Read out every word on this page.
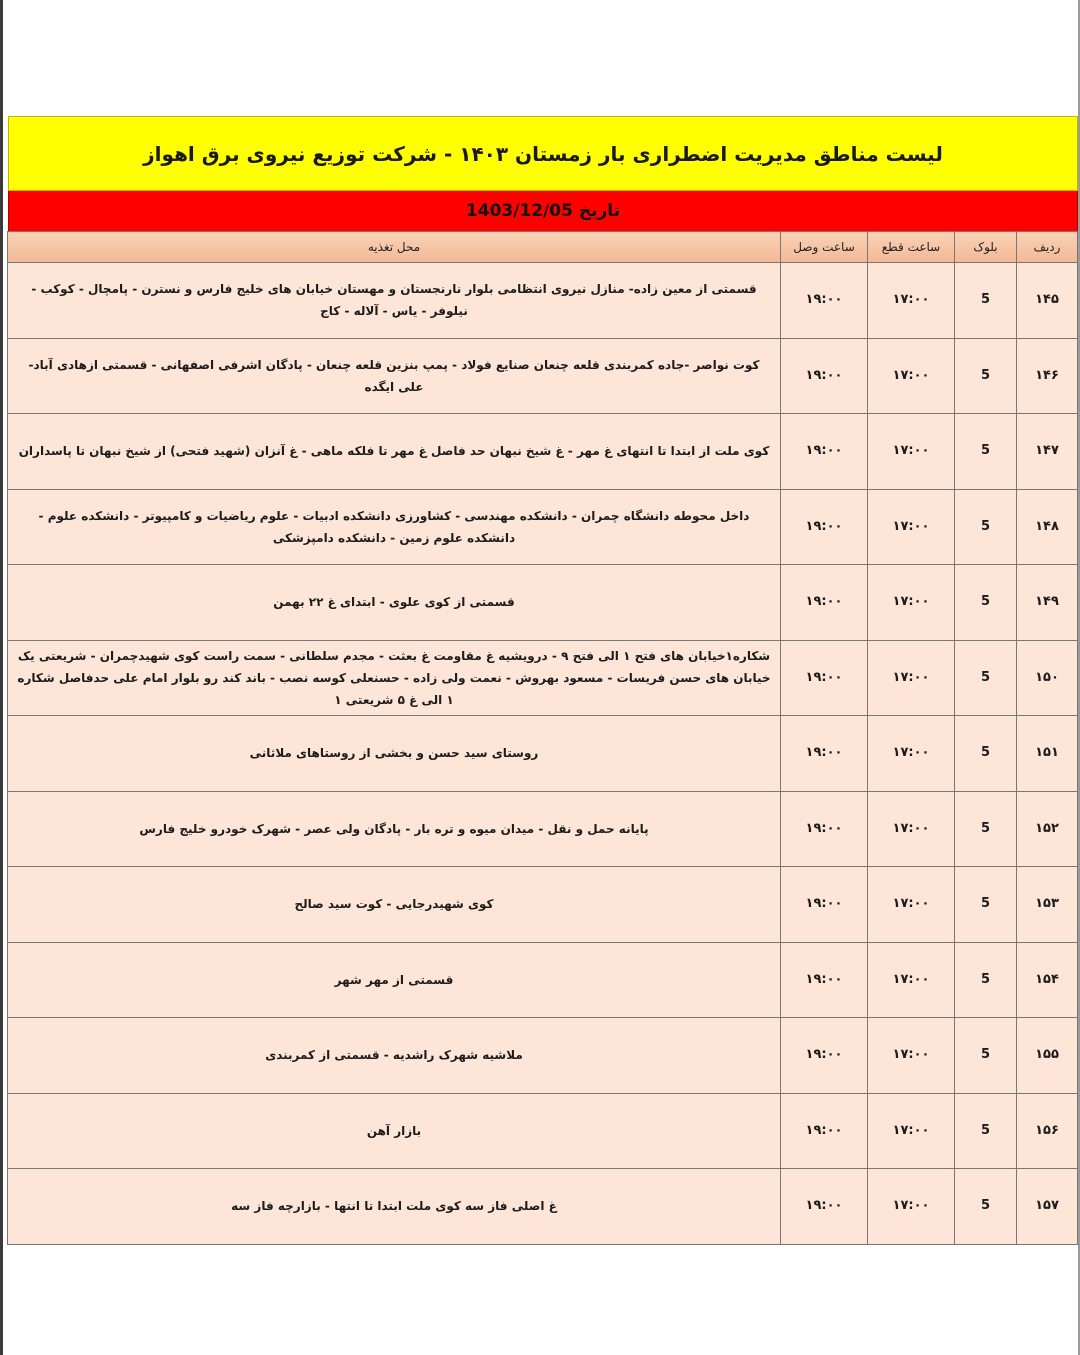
لیست مناطق مدیریت اضطراری بار زمستان ۱۴۰۳ - شرکت توزیع نیروی برق اهواز
تاریخ 1403/12/05
ردیف	بلوک	ساعت قطع	ساعت وصل	محل تغذیه
۱۴۵	5	۱۷:۰۰	۱۹:۰۰	قسمتی از معین زاده- منازل نیروی انتظامی بلوار نارنجستان و مهستان خیابان های خلیج فارس و نسترن - پامچال - کوکب - نیلوفر - یاس - آلاله - کاج
۱۴۶	5	۱۷:۰۰	۱۹:۰۰	کوت نواصر -جاده کمربندی قلعه چنعان صنایع فولاد - پمپ بنزین قلعه چنعان - پادگان اشرفی اصفهانی - قسمتی ازهادی آباد- علی ایگده
۱۴۷	5	۱۷:۰۰	۱۹:۰۰	کوی ملت از ابتدا تا انتهای غ مهر - غ شیخ نبهان حد فاصل غ مهر تا فلکه ماهی - غ آنزان (شهید فتحی) از شیخ نبهان تا پاسداران
۱۴۸	5	۱۷:۰۰	۱۹:۰۰	داخل محوطه دانشگاه چمران - دانشکده مهندسی - کشاورزی دانشکده ادبیات - علوم ریاضیات و کامپیوتر - دانشکده علوم - دانشکده علوم زمین - دانشکده دامپزشکی
۱۴۹	5	۱۷:۰۰	۱۹:۰۰	قسمتی از کوی علوی - ابتدای غ ۲۲ بهمن
۱۵۰	5	۱۷:۰۰	۱۹:۰۰	شکاره۱خیابان های فتح ۱ الی فتح ۹ - درویشیه غ مقاومت غ بعثت - مجدم سلطانی - سمت راست کوی شهیدچمران - شریعتی یک خیابان های حسن فریسات - مسعود بهروش - نعمت ولی زاده - حسنعلی کوسه نصب - باند کند رو بلوار امام علی حدفاصل شکاره ۱ الی غ ۵ شریعتی ۱
۱۵۱	5	۱۷:۰۰	۱۹:۰۰	روستای سید حسن و بخشی از روستاهای ملاثانی
۱۵۲	5	۱۷:۰۰	۱۹:۰۰	پایانه حمل و نقل - میدان میوه و تره بار - پادگان ولی عصر - شهرک خودرو خلیج فارس
۱۵۳	5	۱۷:۰۰	۱۹:۰۰	کوی شهیدرجایی - کوت سید صالح
۱۵۴	5	۱۷:۰۰	۱۹:۰۰	قسمتی از مهر شهر
۱۵۵	5	۱۷:۰۰	۱۹:۰۰	ملاشیه شهرک راشدیه - قسمتی از کمربندی
۱۵۶	5	۱۷:۰۰	۱۹:۰۰	بازار آهن
۱۵۷	5	۱۷:۰۰	۱۹:۰۰	غ اصلی فاز سه کوی ملت ابتدا تا انتها - بازارچه فاز سه
